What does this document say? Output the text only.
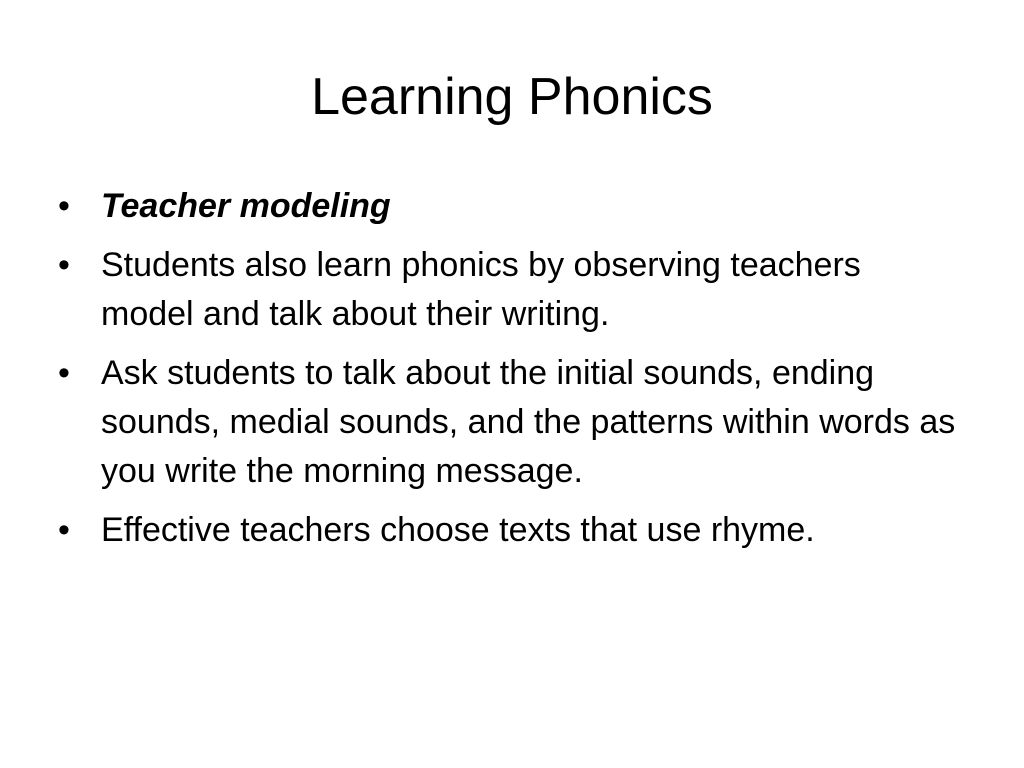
Learning Phonics
• Teacher modeling
• Students also learn phonics by observing teachers model and talk about their writing.
• Ask students to talk about the initial sounds, ending sounds, medial sounds, and the patterns within words as you write the morning message.
• Effective teachers choose texts that use rhyme.
